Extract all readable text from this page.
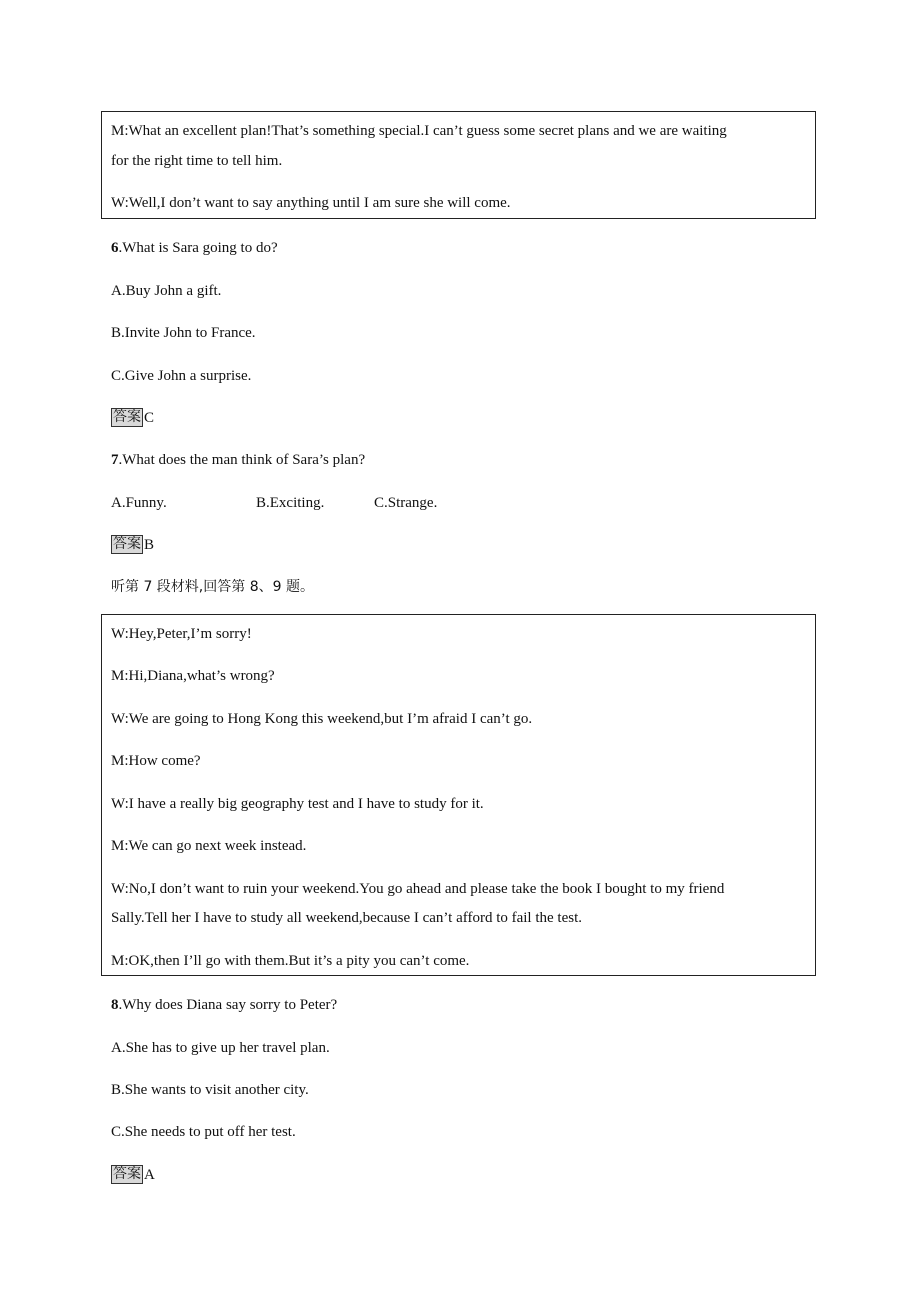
M:What an excellent plan!That’s something special.I can’t guess some secret plans and we are waiting
for the right time to tell him.
W:Well,I don’t want to say anything until I am sure she will come.
6.What is Sara going to do?
A.Buy John a gift.
B.Invite John to France.
C.Give John a surprise.
答案 C
7.What does the man think of Sara’s plan?
A.Funny.	B.Exciting.	C.Strange.
答案 B
听第 7 段材料,回答第 8、9 题。
W:Hey,Peter,I’m sorry!
M:Hi,Diana,what’s wrong?
W:We are going to Hong Kong this weekend,but I’m afraid I can’t go.
M:How come?
W:I have a really big geography test and I have to study for it.
M:We can go next week instead.
W:No,I don’t want to ruin your weekend.You go ahead and please take the book I bought to my friend
Sally.Tell her I have to study all weekend,because I can’t afford to fail the test.
M:OK,then I’ll go with them.But it’s a pity you can’t come.
8.Why does Diana say sorry to Peter?
A.She has to give up her travel plan.
B.She wants to visit another city.
C.She needs to put off her test.
答案 A
